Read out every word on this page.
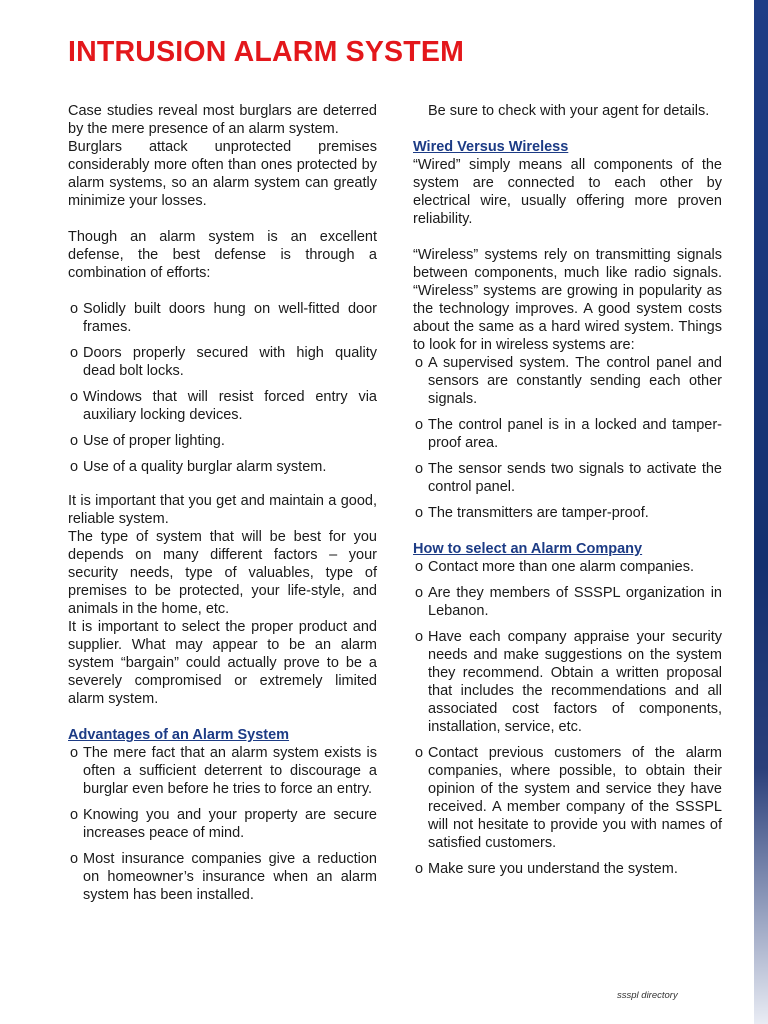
INTRUSION ALARM SYSTEM

Case studies reveal most burglars are deterred by the mere presence of an alarm system.

Burglars attack unprotected premises considerably more often than ones protected by alarm systems, so an alarm system can greatly minimize your losses.

Though an alarm system is an excellent defense, the best defense is through a combination of efforts:

o Solidly built doors hung on well-fitted door frames.
o Doors properly secured with high quality dead bolt locks.
o Windows that will resist forced entry via auxiliary locking devices.
o Use of proper lighting.
o Use of a quality burglar alarm system.

It is important that you get and maintain a good, reliable system.

The type of system that will be best for you depends on many different factors – your security needs, type of valuables, type of premises to be protected, your life-style, and animals in the home, etc.

It is important to select the proper product and supplier. What may appear to be an alarm system “bargain” could actually prove to be a severely compromised or extremely limited alarm system.

Advantages of an Alarm System

o The mere fact that an alarm system exists is often a sufficient deterrent to discourage a burglar even before he tries to force an entry.
o Knowing you and your property are secure increases peace of mind.
o Most insurance companies give a reduction on homeowner’s insurance when an alarm system has been installed.

Be sure to check with your agent for details.

Wired Versus Wireless

“Wired” simply means all components of the system are connected to each other by electrical wire, usually offering more proven reliability.

“Wireless” systems rely on transmitting signals between components, much like radio signals. “Wireless” systems are growing in popularity as the technology improves. A good system costs about the same as a hard wired system. Things to look for in wireless systems are:

o A supervised system. The control panel and sensors are constantly sending each other signals.
o The control panel is in a locked and tamper-proof area.
o The sensor sends two signals to activate the control panel.
o The transmitters are tamper-proof.

How to select an Alarm Company

o Contact more than one alarm companies.
o Are they members of SSSPL organization in Lebanon.
o Have each company appraise your security needs and make suggestions on the system they recommend. Obtain a written proposal that includes the recommendations and all associated cost factors of components, installation, service, etc.
o Contact previous customers of the alarm companies, where possible, to obtain their opinion of the system and service they have received. A member company of the SSSPL will not hesitate to provide you with names of satisfied customers.
o Make sure you understand the system.
ssspl directory
